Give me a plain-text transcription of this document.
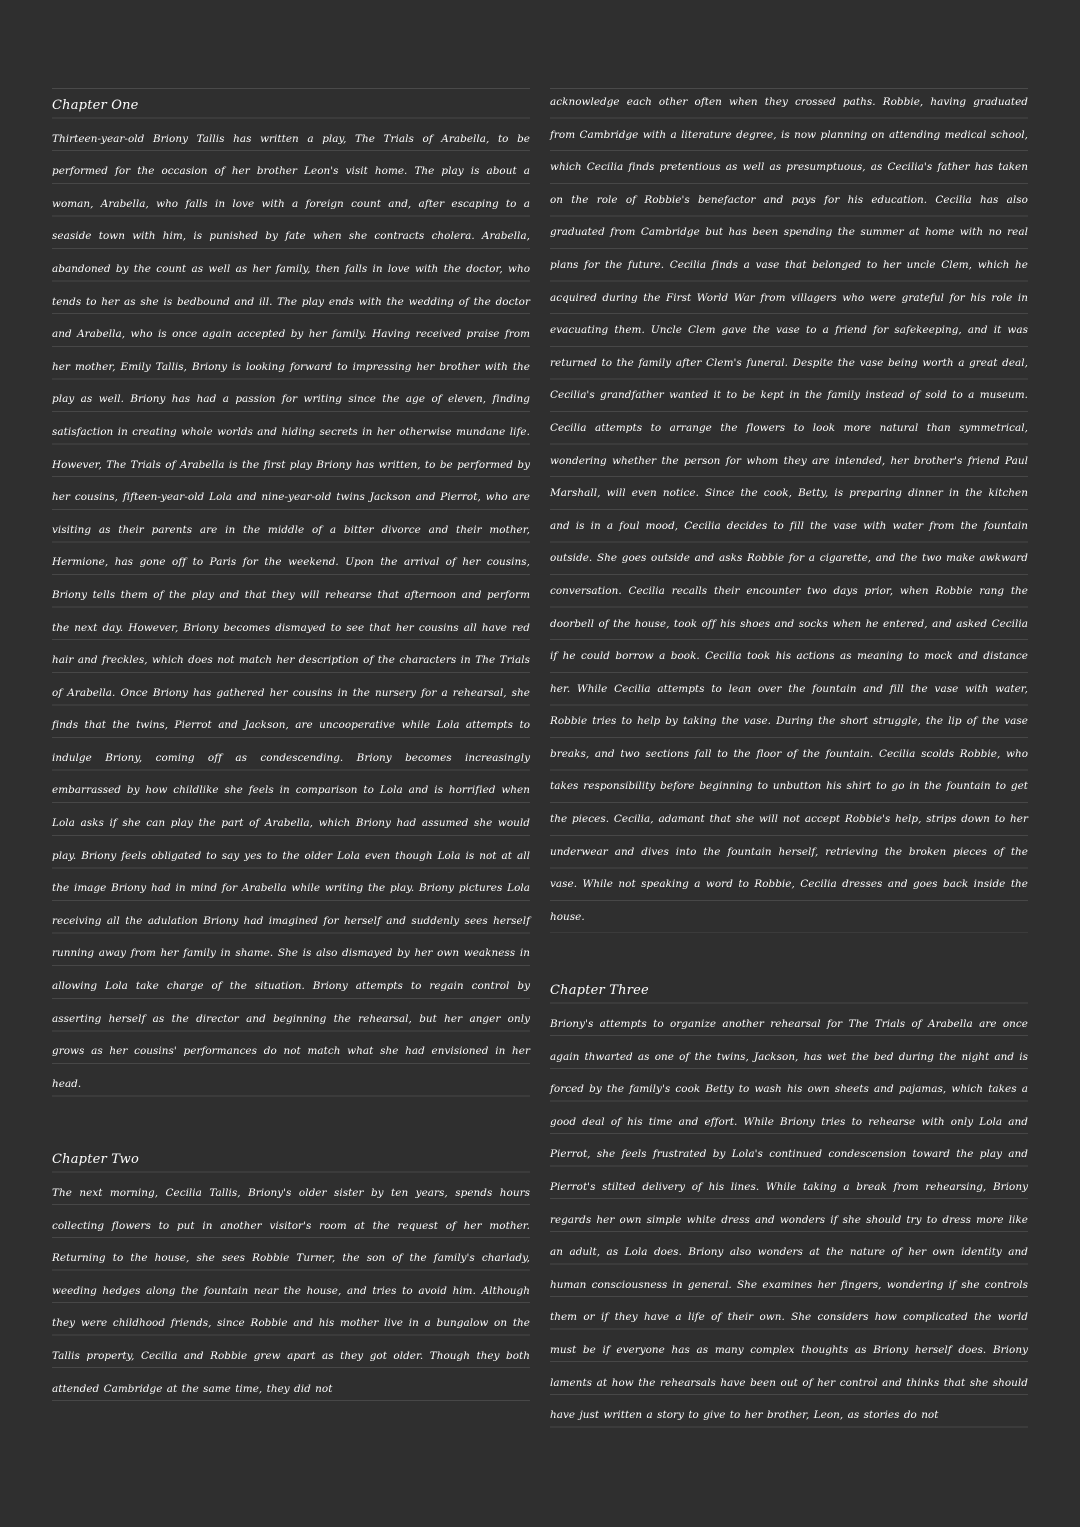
Chapter One
Thirteen-year-old Briony Tallis has written a play, The Trials of Arabella, to be performed for the occasion of her brother Leon's visit home. The play is about a woman, Arabella, who falls in love with a foreign count and, after escaping to a seaside town with him, is punished by fate when she contracts cholera. Arabella, abandoned by the count as well as her family, then falls in love with the doctor, who tends to her as she is bedbound and ill. The play ends with the wedding of the doctor and Arabella, who is once again accepted by her family. Having received praise from her mother, Emily Tallis, Briony is looking forward to impressing her brother with the play as well. Briony has had a passion for writing since the age of eleven, finding satisfaction in creating whole worlds and hiding secrets in her otherwise mundane life. However, The Trials of Arabella is the first play Briony has written, to be performed by her cousins, fifteen-year-old Lola and nine-year-old twins Jackson and Pierrot, who are visiting as their parents are in the middle of a bitter divorce and their mother, Hermione, has gone off to Paris for the weekend. Upon the arrival of her cousins, Briony tells them of the play and that they will rehearse that afternoon and perform the next day. However, Briony becomes dismayed to see that her cousins all have red hair and freckles, which does not match her description of the characters in The Trials of Arabella. Once Briony has gathered her cousins in the nursery for a rehearsal, she finds that the twins, Pierrot and Jackson, are uncooperative while Lola attempts to indulge Briony, coming off as condescending. Briony becomes increasingly embarrassed by how childlike she feels in comparison to Lola and is horrified when Lola asks if she can play the part of Arabella, which Briony had assumed she would play. Briony feels obligated to say yes to the older Lola even though Lola is not at all the image Briony had in mind for Arabella while writing the play. Briony pictures Lola receiving all the adulation Briony had imagined for herself and suddenly sees herself running away from her family in shame. She is also dismayed by her own weakness in allowing Lola take charge of the situation. Briony attempts to regain control by asserting herself as the director and beginning the rehearsal, but her anger only grows as her cousins' performances do not match what she had envisioned in her head.
Chapter Two
The next morning, Cecilia Tallis, Briony's older sister by ten years, spends hours collecting flowers to put in another visitor's room at the request of her mother. Returning to the house, she sees Robbie Turner, the son of the family's charlady, weeding hedges along the fountain near the house, and tries to avoid him. Although they were childhood friends, since Robbie and his mother live in a bungalow on the Tallis property, Cecilia and Robbie grew apart as they got older. Though they both attended Cambridge at the same time, they did not
acknowledge each other often when they crossed paths. Robbie, having graduated from Cambridge with a literature degree, is now planning on attending medical school, which Cecilia finds pretentious as well as presumptuous, as Cecilia's father has taken on the role of Robbie's benefactor and pays for his education. Cecilia has also graduated from Cambridge but has been spending the summer at home with no real plans for the future. Cecilia finds a vase that belonged to her uncle Clem, which he acquired during the First World War from villagers who were grateful for his role in evacuating them. Uncle Clem gave the vase to a friend for safekeeping, and it was returned to the family after Clem's funeral. Despite the vase being worth a great deal, Cecilia's grandfather wanted it to be kept in the family instead of sold to a museum. Cecilia attempts to arrange the flowers to look more natural than symmetrical, wondering whether the person for whom they are intended, her brother's friend Paul Marshall, will even notice. Since the cook, Betty, is preparing dinner in the kitchen and is in a foul mood, Cecilia decides to fill the vase with water from the fountain outside. She goes outside and asks Robbie for a cigarette, and the two make awkward conversation. Cecilia recalls their encounter two days prior, when Robbie rang the doorbell of the house, took off his shoes and socks when he entered, and asked Cecilia if he could borrow a book. Cecilia took his actions as meaning to mock and distance her. While Cecilia attempts to lean over the fountain and fill the vase with water, Robbie tries to help by taking the vase. During the short struggle, the lip of the vase breaks, and two sections fall to the floor of the fountain. Cecilia scolds Robbie, who takes responsibility before beginning to unbutton his shirt to go in the fountain to get the pieces. Cecilia, adamant that she will not accept Robbie's help, strips down to her underwear and dives into the fountain herself, retrieving the broken pieces of the vase. While not speaking a word to Robbie, Cecilia dresses and goes back inside the house.
Chapter Three
Briony's attempts to organize another rehearsal for The Trials of Arabella are once again thwarted as one of the twins, Jackson, has wet the bed during the night and is forced by the family's cook Betty to wash his own sheets and pajamas, which takes a good deal of his time and effort. While Briony tries to rehearse with only Lola and Pierrot, she feels frustrated by Lola's continued condescension toward the play and Pierrot's stilted delivery of his lines. While taking a break from rehearsing, Briony regards her own simple white dress and wonders if she should try to dress more like an adult, as Lola does. Briony also wonders at the nature of her own identity and human consciousness in general. She examines her fingers, wondering if she controls them or if they have a life of their own. She considers how complicated the world must be if everyone has as many complex thoughts as Briony herself does. Briony laments at how the rehearsals have been out of her control and thinks that she should have just written a story to give to her brother, Leon, as stories do not
